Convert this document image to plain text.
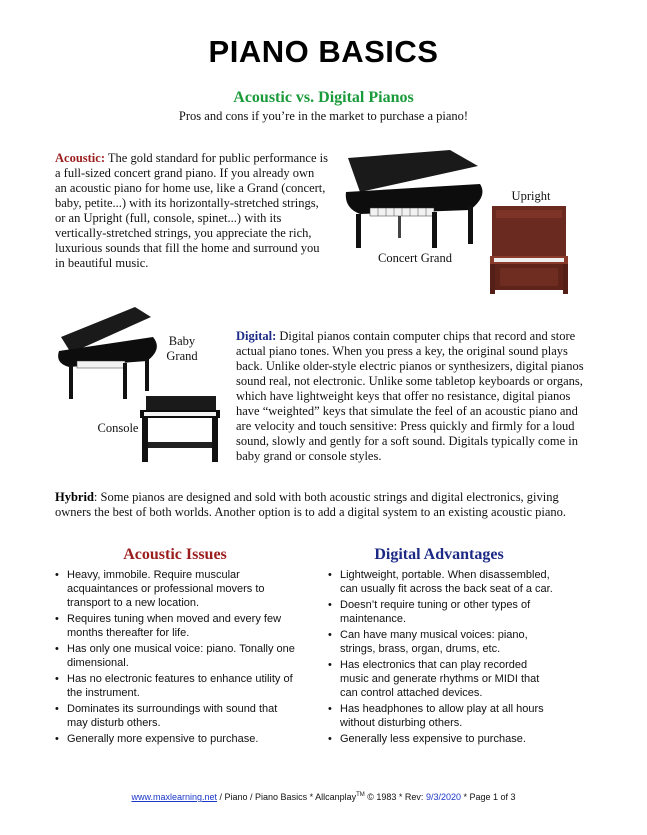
PIANO BASICS
Acoustic vs. Digital Pianos
Pros and cons if you’re in the market to purchase a piano!
Acoustic: The gold standard for public performance is a full-sized concert grand piano. If you already own an acoustic piano for home use, like a Grand (concert, baby, petite...) with its horizontally-stretched strings, or an Upright (full, console, spinet...) with its vertically-stretched strings, you appreciate the rich, luxurious sounds that fill the home and surround you in beautiful music.	Concert Grand
Upright
Baby Grand
Console
Digital: Digital pianos contain computer chips that record and store actual piano tones. When you press a key, the original sound plays back. Unlike older-style electric pianos or synthesizers, digital pianos sound real, not electronic. Unlike some tabletop keyboards or organs, which have lightweight keys that offer no resistance, digital pianos have “weighted” keys that simulate the feel of an acoustic piano and are velocity and touch sensitive: Press quickly and firmly for a loud sound, slowly and gently for a soft sound. Digitals typically come in baby grand or console styles.
Hybrid: Some pianos are designed and sold with both acoustic strings and digital electronics, giving owners the best of both worlds. Another option is to add a digital system to an existing acoustic piano.
Acoustic Issues
• Heavy, immobile. Require muscular acquaintances or professional movers to transport to a new location.
• Requires tuning when moved and every few months thereafter for life.
• Has only one musical voice: piano. Tonally one dimensional.
• Has no electronic features to enhance utility of the instrument.
• Dominates its surroundings with sound that may disturb others.
• Generally more expensive to purchase.
Digital Advantages
• Lightweight, portable. When disassembled, can usually fit across the back seat of a car.
• Doesn’t require tuning or other types of maintenance.
• Can have many musical voices: piano, strings, brass, organ, drums, etc.
• Has electronics that can play recorded music and generate rhythms or MIDI that can control attached devices.
• Has headphones to allow play at all hours without disturbing others.
• Generally less expensive to purchase.
www.maxlearning.net / Piano / Piano Basics * Allcanplay™ © 1983 * Rev: 9/3/2020 * Page 1 of 3
